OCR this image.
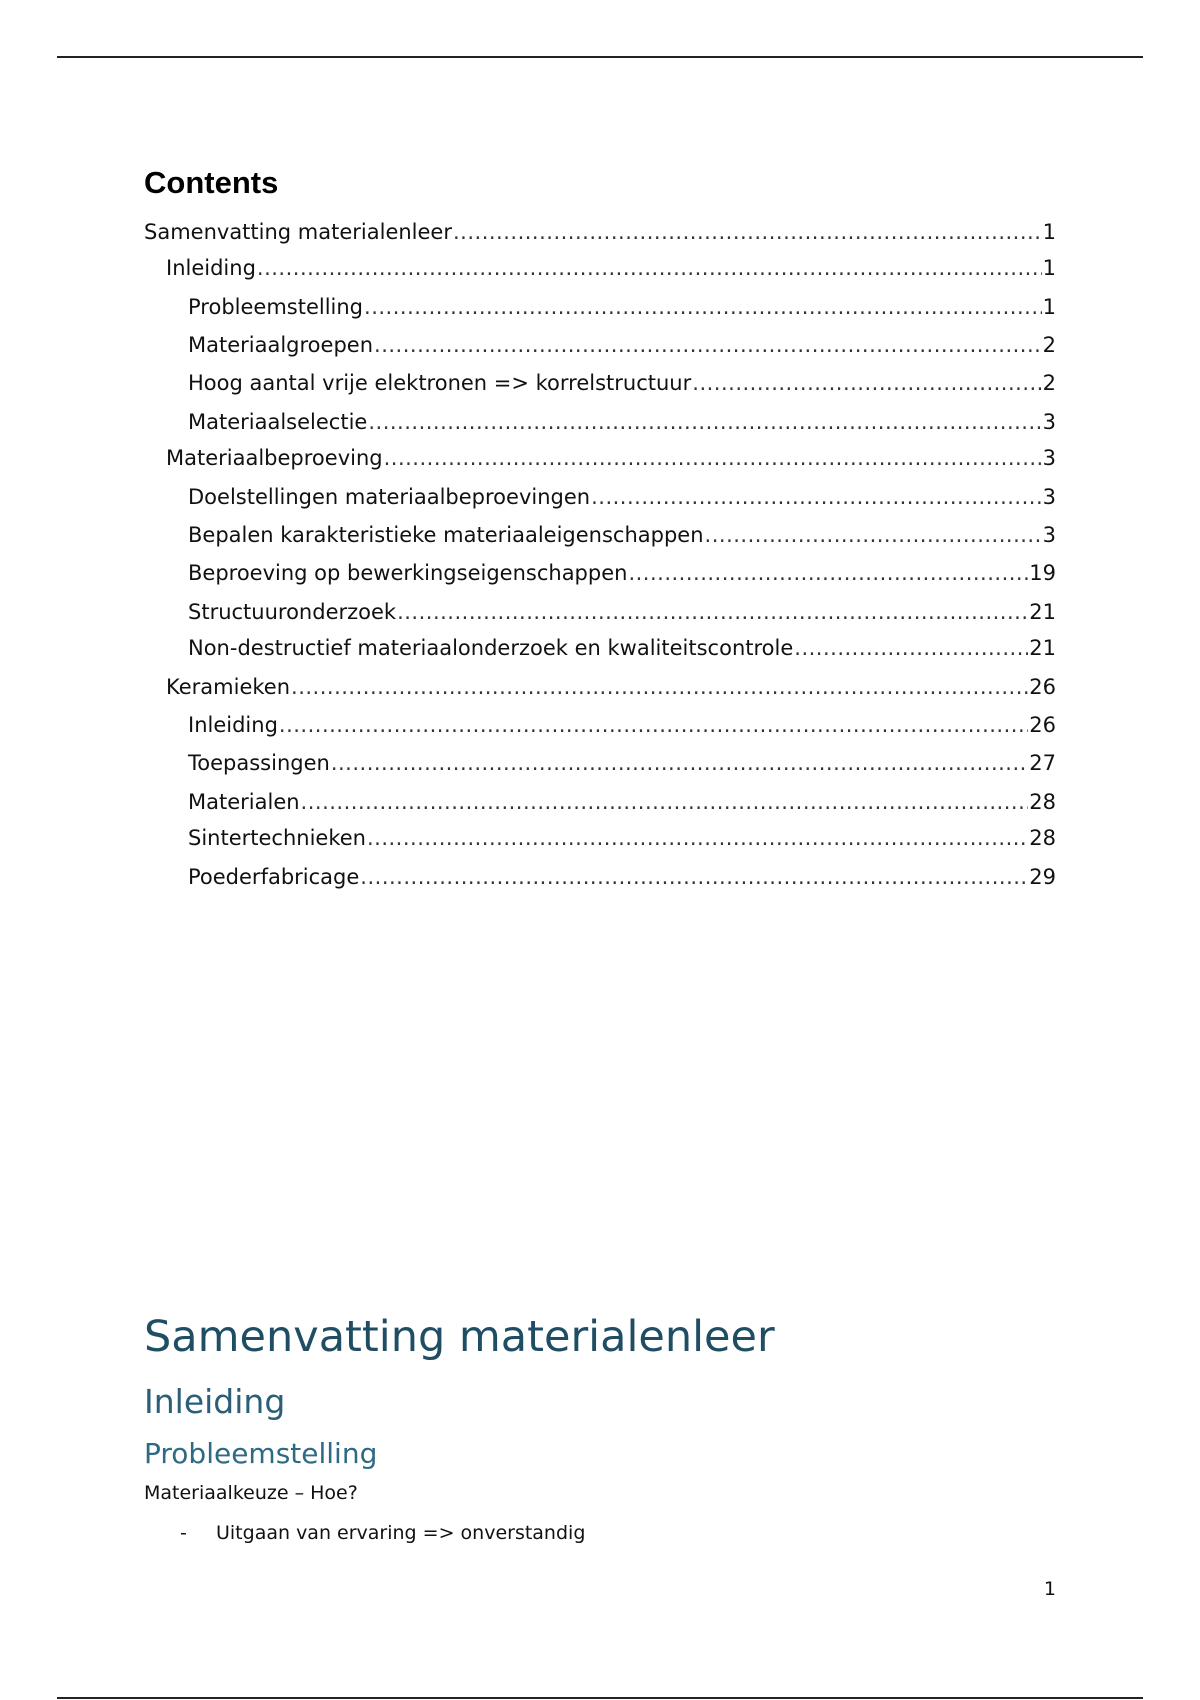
Contents
Samenvatting materialenleer .....	1
Inleiding .....	1
Probleemstelling .....	1
Materiaalgroepen .....	2
Hoog aantal vrije elektronen => korrelstructuur .....	2
Materiaalselectie .....	3
Materiaalbeproeving .....	3
Doelstellingen materiaalbeproevingen .....	3
Bepalen karakteristieke materiaaleigenschappen .....	3
Beproeving op bewerkingseigenschappen .....	19
Structuuronderzoek .....	21
Non-destructief materiaalonderzoek en kwaliteitscontrole .....	21
Keramieken .....	26
Inleiding .....	26
Toepassingen .....	27
Materialen .....	28
Sintertechnieken .....	28
Poederfabricage .....	29
Samenvatting materialenleer
Inleiding
Probleemstelling

Materiaalkeuze – Hoe?

-	Uitgaan van ervaring => onverstandig
1
